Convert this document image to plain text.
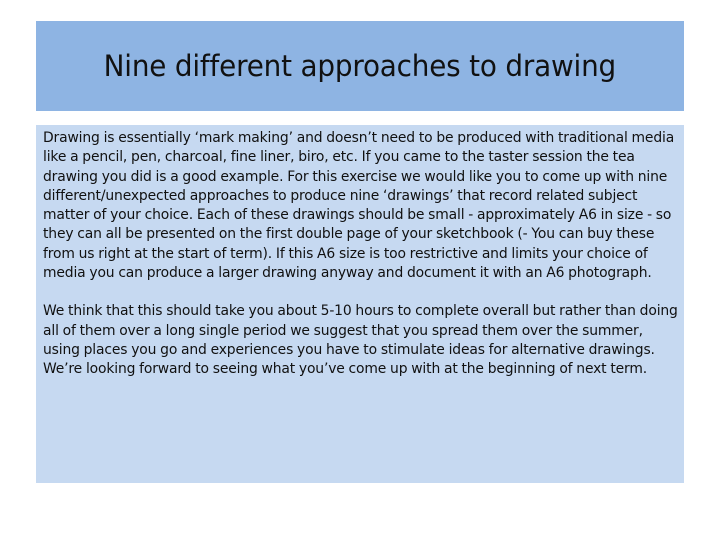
Nine different approaches to drawing

Drawing is essentially ‘mark making’ and doesn’t need to be produced with traditional media like a pencil, pen, charcoal, fine liner, biro, etc. If you came to the taster session the tea drawing you did is a good example. For this exercise we would like you to come up with nine different/unexpected approaches to produce nine ‘drawings’ that record related subject matter of your choice. Each of these drawings should be small - approximately A6 in size - so they can all be presented on the first double page of your sketchbook (- You can buy these from us right at the start of term). If this A6 size is too restrictive and limits your choice of media you can produce a larger drawing anyway and document it with an A6 photograph.

We think that this should take you about 5-10 hours to complete overall but rather than doing all of them over a long single period we suggest that you spread them over the summer, using places you go and experiences you have to stimulate ideas for alternative drawings. We’re looking forward to seeing what you’ve come up with at the beginning of next term.
